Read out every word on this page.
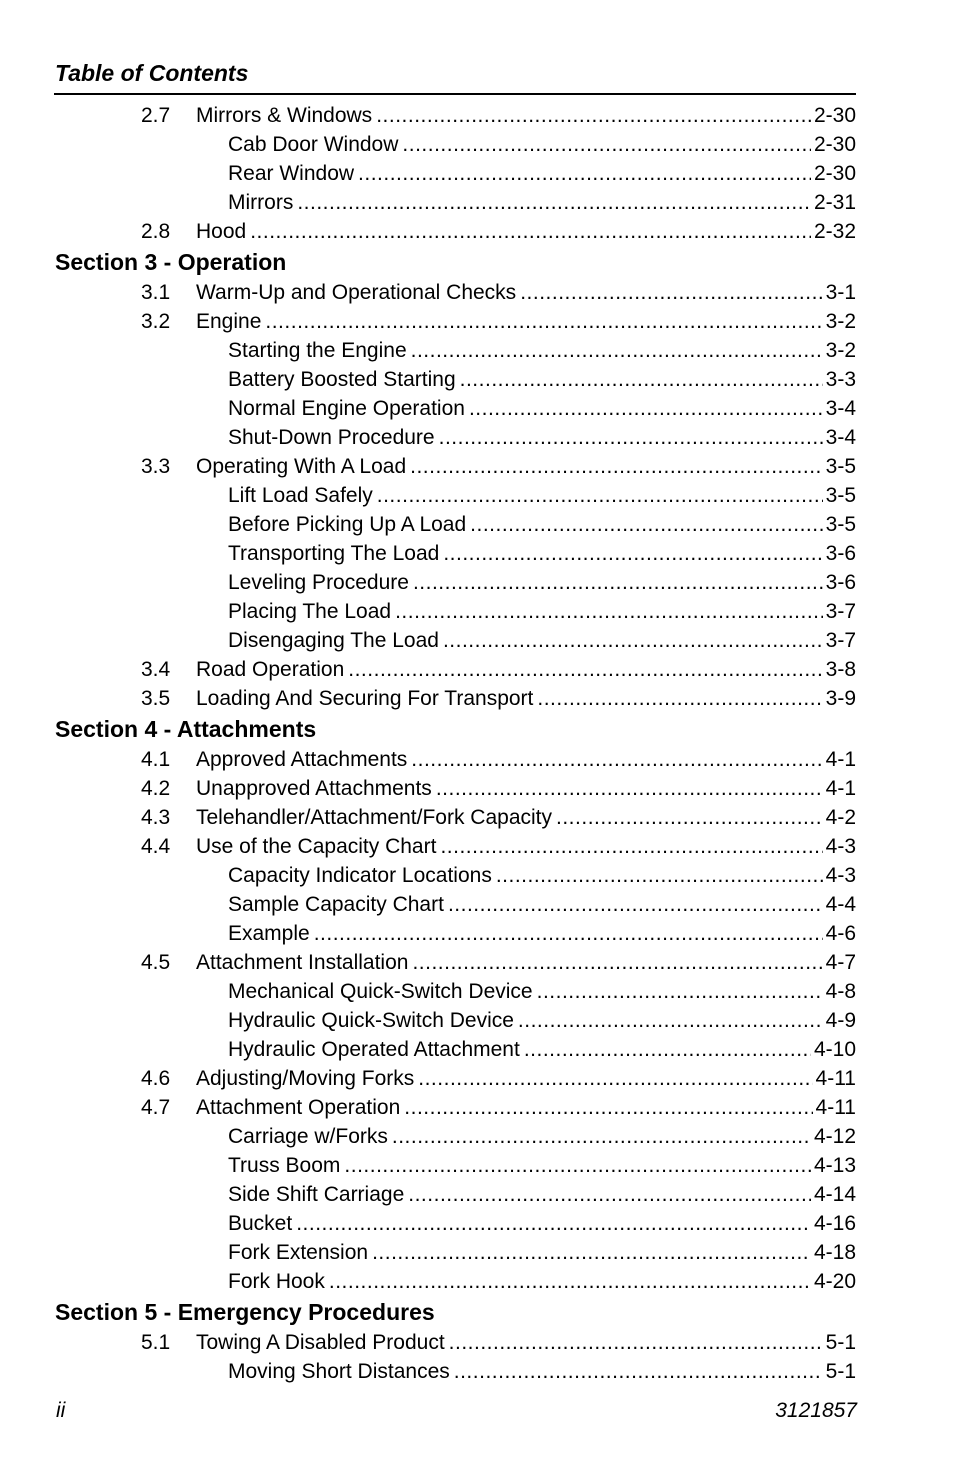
Table of Contents
2.7 Mirrors & Windows .....	2-30
Cab Door Window .....	2-30
Rear Window .....	2-30
Mirrors .....	2-31
2.8 Hood .....	2-32
Section 3 - Operation
3.1 Warm-Up and Operational Checks .....	3-1
3.2 Engine .....	3-2
Starting the Engine .....	3-2
Battery Boosted Starting .....	3-3
Normal Engine Operation .....	3-4
Shut-Down Procedure .....	3-4
3.3 Operating With A Load .....	3-5
Lift Load Safely .....	3-5
Before Picking Up A Load .....	3-5
Transporting The Load .....	3-6
Leveling Procedure .....	3-6
Placing The Load .....	3-7
Disengaging The Load .....	3-7
3.4 Road Operation .....	3-8
3.5 Loading And Securing For Transport .....	3-9
Section 4 - Attachments
4.1 Approved Attachments .....	4-1
4.2 Unapproved Attachments .....	4-1
4.3 Telehandler/Attachment/Fork Capacity .....	4-2
4.4 Use of the Capacity Chart .....	4-3
Capacity Indicator Locations .....	4-3
Sample Capacity Chart .....	4-4
Example .....	4-6
4.5 Attachment Installation .....	4-7
Mechanical Quick-Switch Device .....	4-8
Hydraulic Quick-Switch Device .....	4-9
Hydraulic Operated Attachment .....	4-10
4.6 Adjusting/Moving Forks .....	4-11
4.7 Attachment Operation .....	4-11
Carriage w/Forks .....	4-12
Truss Boom .....	4-13
Side Shift Carriage .....	4-14
Bucket .....	4-16
Fork Extension .....	4-18
Fork Hook .....	4-20
Section 5 - Emergency Procedures
5.1 Towing A Disabled Product .....	5-1
Moving Short Distances .....	5-1
ii	3121857
